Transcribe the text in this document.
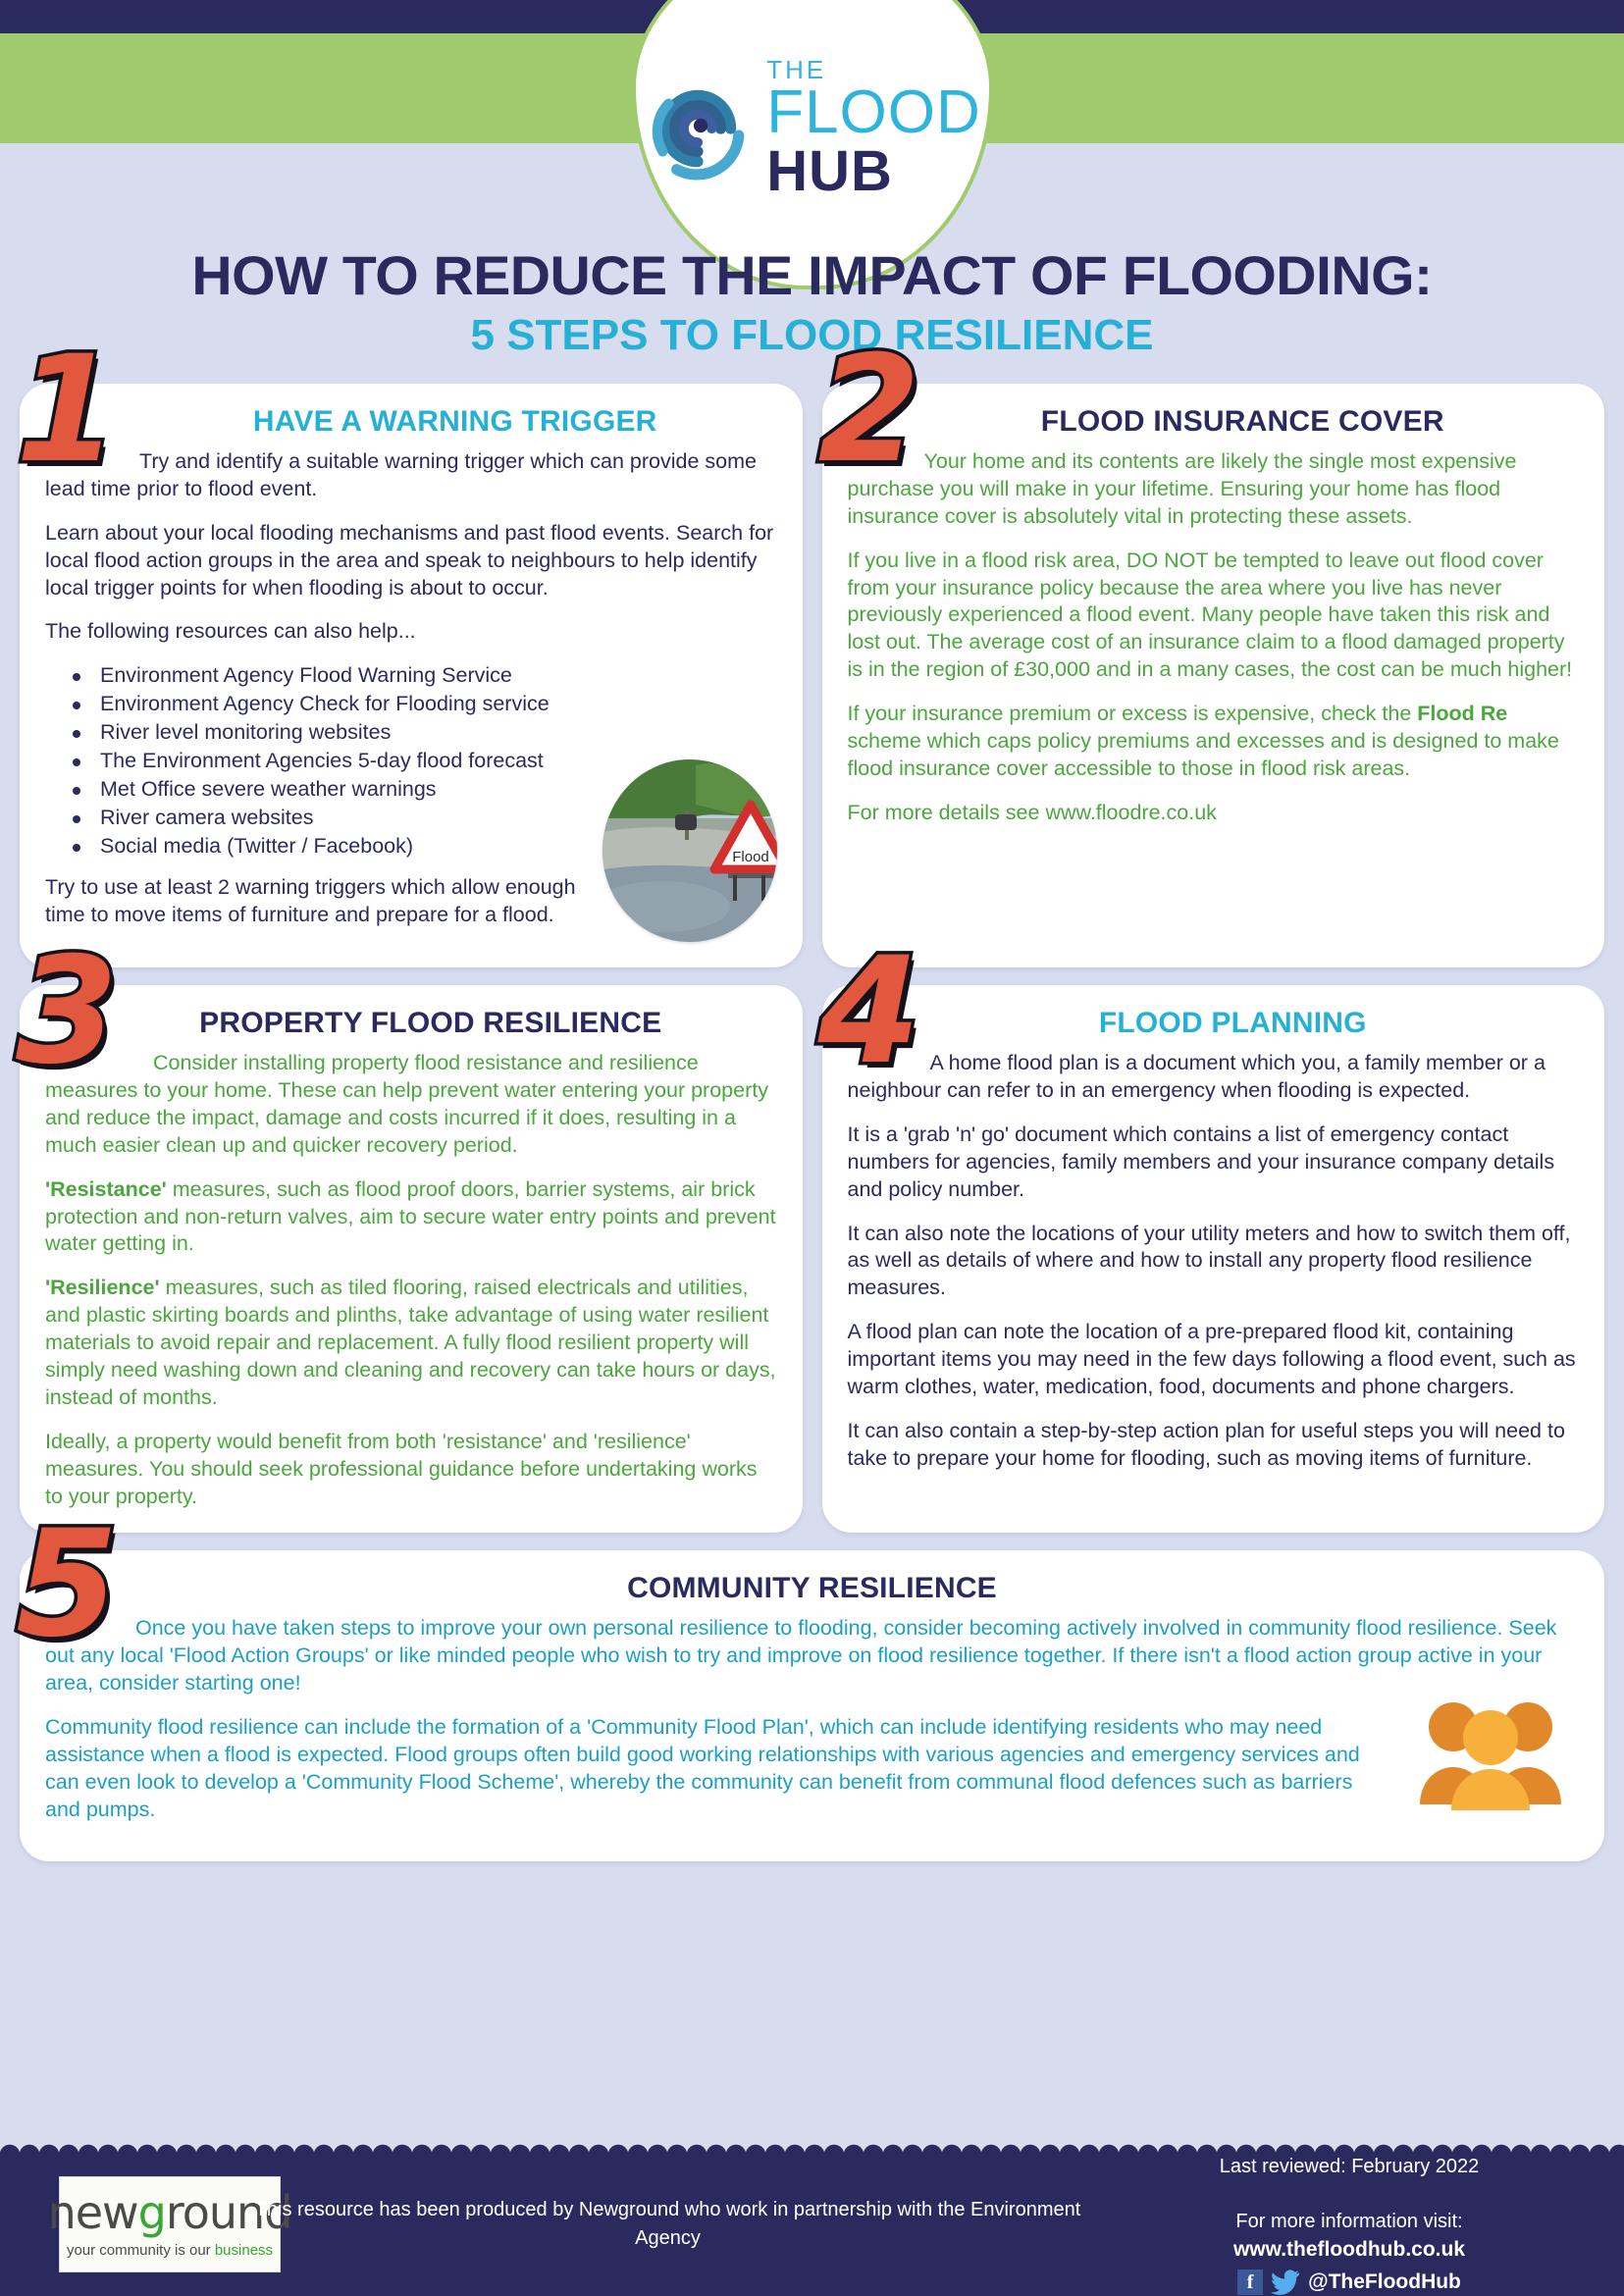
THE
FLOOD
HUB
HOW TO REDUCE THE IMPACT OF FLOODING:
5 STEPS TO FLOOD RESILIENCE
1	HAVE A WARNING TRIGGER

Try and identify a suitable warning trigger which can provide some lead time prior to flood event.

Learn about your local flooding mechanisms and past flood events. Search for local flood action groups in the area and speak to neighbours to help identify local trigger points for when flooding is about to occur.

The following resources can also help...

Environment Agency Flood Warning Service
Environment Agency Check for Flooding service
River level monitoring websites
The Environment Agencies 5-day flood forecast
Met Office severe weather warnings
River camera websites
Social media (Twitter / Facebook)

Try to use at least 2 warning triggers which allow enough time to move items of furniture and prepare for a flood.

Flood
2	FLOOD INSURANCE COVER

Your home and its contents are likely the single most expensive purchase you will make in your lifetime. Ensuring your home has flood insurance cover is absolutely vital in protecting these assets.

If you live in a flood risk area, DO NOT be tempted to leave out flood cover from your insurance policy because the area where you live has never previously experienced a flood event. Many people have taken this risk and lost out. The average cost of an insurance claim to a flood damaged property is in the region of £30,000 and in a many cases, the cost can be much higher!

If your insurance premium or excess is expensive, check the Flood Re scheme which caps policy premiums and excesses and is designed to make flood insurance cover accessible to those in flood risk areas.

For more details see www.floodre.co.uk

3	PROPERTY FLOOD RESILIENCE

Consider installing property flood resistance and resilience measures to your home. These can help prevent water entering your property and reduce the impact, damage and costs incurred if it does, resulting in a much easier clean up and quicker recovery period.

'Resistance' measures, such as flood proof doors, barrier systems, air brick protection and non-return valves, aim to secure water entry points and prevent water getting in.

'Resilience' measures, such as tiled flooring, raised electricals and utilities, and plastic skirting boards and plinths, take advantage of using water resilient materials to avoid repair and replacement. A fully flood resilient property will simply need washing down and cleaning and recovery can take hours or days, instead of months.

Ideally, a property would benefit from both 'resistance' and 'resilience' measures. You should seek professional guidance before undertaking works to your property.

4	FLOOD PLANNING

A home flood plan is a document which you, a family member or a neighbour can refer to in an emergency when flooding is expected.

It is a 'grab 'n' go' document which contains a list of emergency contact numbers for agencies, family members and your insurance company details and policy number.

It can also note the locations of your utility meters and how to switch them off, as well as details of where and how to install any property flood resilience measures.

A flood plan can note the location of a pre-prepared flood kit, containing important items you may need in the few days following a flood event, such as warm clothes, water, medication, food, documents and phone chargers.

It can also contain a step-by-step action plan for useful steps you will need to take to prepare your home for flooding, such as moving items of furniture.

5	COMMUNITY RESILIENCE

Once you have taken steps to improve your own personal resilience to flooding, consider becoming actively involved in community flood resilience. Seek out any local 'Flood Action Groups' or like minded people who wish to try and improve on flood resilience together. If there isn't a flood action group active in your area, consider starting one!

Community flood resilience can include the formation of a 'Community Flood Plan', which can include identifying residents who may need assistance when a flood is expected. Flood groups often build good working relationships with various agencies and emergency services and can even look to develop a 'Community Flood Scheme', whereby the community can benefit from communal flood defences such as barriers and pumps.

newground
your community is our business
This resource has been produced by Newground who work in partnership with the Environment Agency
Last reviewed: February 2022
For more information visit:
www.thefloodhub.co.uk
f	@TheFloodHub
